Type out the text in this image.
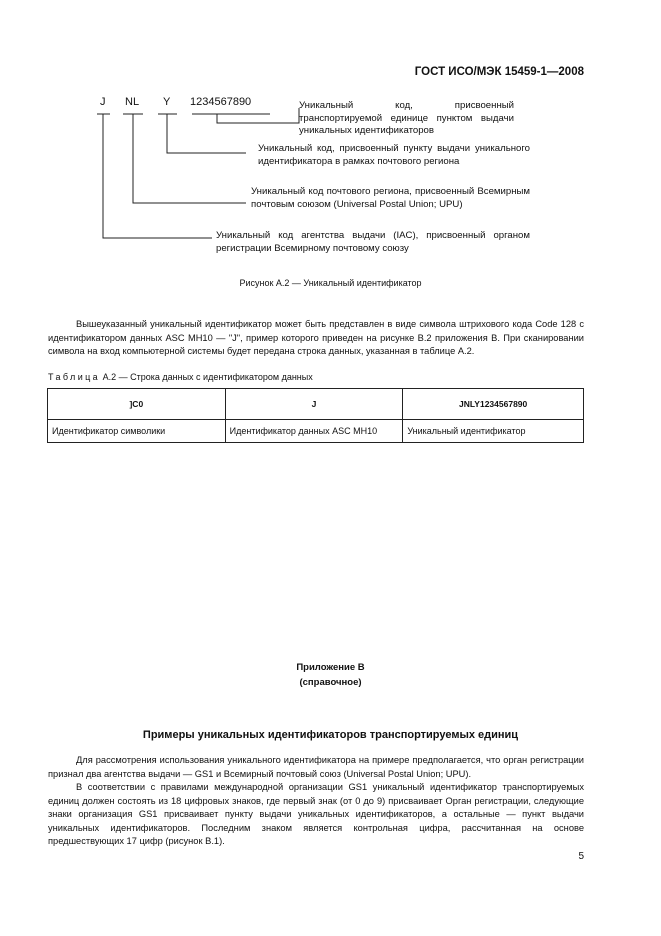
ГОСТ ИСО/МЭК 15459-1—2008
J NL Y 1234567890	Уникальный код, присвоенный транспортируемой единице пунктом выдачи уникальных идентификаторов
Уникальный код, присвоенный пункту выдачи уникального идентификатора в рамках почтового региона
Уникальный код почтового региона, присвоенный Всемирным почтовым союзом (Universal Postal Union; UPU)
Уникальный код агентства выдачи (IAC), присвоенный органом регистрации Всемирному почтовому союзу
Рисунок А.2 — Уникальный идентификатор

Вышеуказанный уникальный идентификатор может быть представлен в виде символа штрихового кода Code 128 с идентификатором данных ASC MH10 — "J", пример которого приведен на рисунке В.2 приложения В. При сканировании символа на вход компьютерной системы будет передана строка данных, указанная в таблице А.2.

Таблица А.2 — Строка данных с идентификатором данных
]C0	J	JNLY1234567890
Идентификатор символики	Идентификатор данных ASC MH10	Уникальный идентификатор
Приложение В
(справочное)
Примеры уникальных идентификаторов транспортируемых единиц

Для рассмотрения использования уникального идентификатора на примере предполагается, что орган регистрации признал два агентства выдачи — GS1 и Всемирный почтовый союз (Universal Postal Union; UPU).

В соответствии с правилами международной организации GS1 уникальный идентификатор транспортируемых единиц должен состоять из 18 цифровых знаков, где первый знак (от 0 до 9) присваивает Орган регистрации, следующие знаки организация GS1 присваивает пункту выдачи уникальных идентификаторов, а остальные — пункт выдачи уникальных идентификаторов. Последним знаком является контрольная цифра, рассчитанная на основе предшествующих 17 цифр (рисунок В.1).

5
